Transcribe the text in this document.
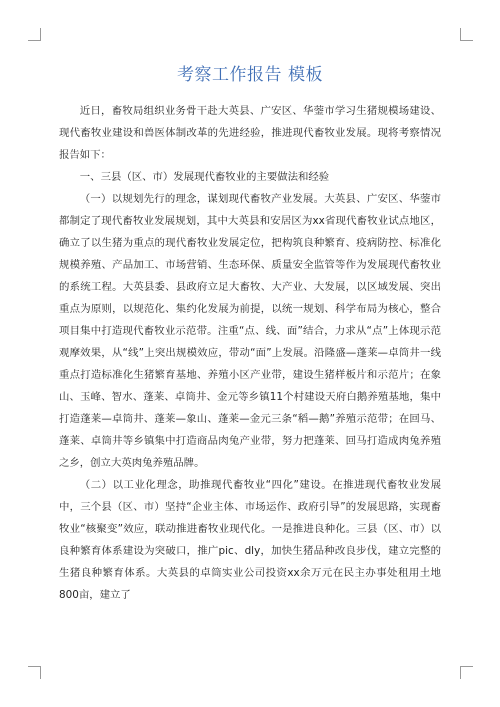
考察工作报告 模板

近日，畜牧局组织业务骨干赴大英县、广安区、华蓥市学习生猪规模场建设、现代畜牧业建设和兽医体制改革的先进经验，推进现代畜牧业发展。现将考察情况报告如下：

一、三县（区、市）发展现代畜牧业的主要做法和经验

（一）以规划先行的理念，谋划现代畜牧产业发展。大英县、广安区、华蓥市都制定了现代畜牧业发展规划，其中大英县和安居区为xx省现代畜牧业试点地区，确立了以生猪为重点的现代畜牧业发展定位，把构筑良种繁育、疫病防控、标准化规模养殖、产品加工、市场营销、生态环保、质量安全监管等作为发展现代畜牧业的系统工程。大英县委、县政府立足大畜牧、大产业、大发展，以区域发展、突出重点为原则，以规范化、集约化发展为前提，以统一规划、科学布局为核心，整合项目集中打造现代畜牧业示范带。注重“点、线、面”结合，力求从“点”上体现示范观摩效果，从“线”上突出规模效应，带动“面”上发展。沿隆盛—蓬莱—卓筒井一线重点打造标准化生猪繁育基地、养殖小区产业带，建设生猪样板片和示范片；在象山、玉峰、智水、蓬莱、卓筒井、金元等乡镇11个村建设天府白鹅养殖基地，集中打造蓬莱—卓筒井、蓬莱—象山、蓬莱—金元三条“稻—鹅”养殖示范带；在回马、蓬莱、卓筒井等乡镇集中打造商品肉兔产业带，努力把蓬莱、回马打造成肉兔养殖之乡，创立大英肉兔养殖品牌。

（二）以工业化理念，助推现代畜牧业“四化”建设。在推进现代畜牧业发展中，三个县（区、市）坚持“企业主体、市场运作、政府引导”的发展思路，实现畜牧业“核聚变”效应，联动推进畜牧业现代化。一是推进良种化。三县（区、市）以良种繁育体系建设为突破口，推广pic、dly，加快生猪品种改良步伐，建立完整的生猪良种繁育体系。大英县的卓筒实业公司投资xx余万元在民主办事处租用土地800亩，建立了
